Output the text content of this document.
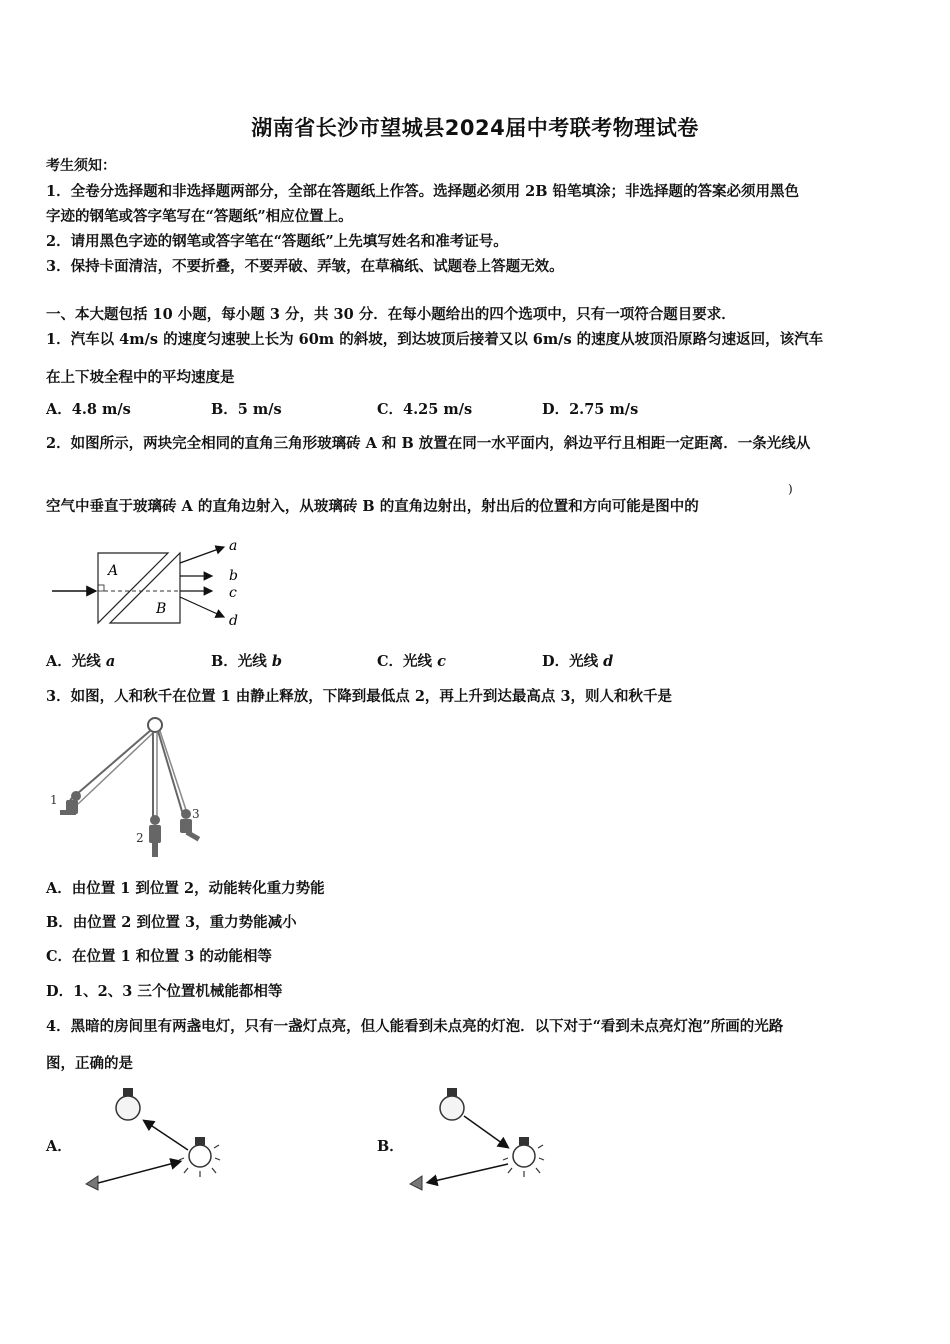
湖南省长沙市望城县2024届中考联考物理试卷
考生须知：
1．全卷分选择题和非选择题两部分，全部在答题纸上作答。选择题必须用 2B 铅笔填涂；非选择题的答案必须用黑色
字迹的钢笔或答字笔写在“答题纸”相应位置上。
2．请用黑色字迹的钢笔或答字笔在“答题纸”上先填写姓名和准考证号。
3．保持卡面清洁，不要折叠，不要弄破、弄皱，在草稿纸、试题卷上答题无效。
一、本大题包括 10 小题，每小题 3 分，共 30 分．在每小题给出的四个选项中，只有一项符合题目要求．
1．汽车以 4m/s 的速度匀速驶上长为 60m 的斜坡，到达坡顶后接着又以 6m/s 的速度从坡顶沿原路匀速返回，该汽车
在上下坡全程中的平均速度是
A．4.8 m/s	B．5 m/s	C．4.25 m/s	D．2.75 m/s
2．如图所示，两块完全相同的直角三角形玻璃砖 A 和 B 放置在同一水平面内，斜边平行且相距一定距离．一条光线从
空气中垂直于玻璃砖 A 的直角边射入，从玻璃砖 B 的直角边射出，射出后的位置和方向可能是图中的
)
A
B
a
b
c
d
A．光线 a	B．光线 b	C．光线 c	D．光线 d
3．如图，人和秋千在位置 1 由静止释放，下降到最低点 2，再上升到达最高点 3，则人和秋千是
1
2
3
A．由位置 1 到位置 2，动能转化重力势能
B．由位置 2 到位置 3，重力势能减小
C．在位置 1 和位置 3 的动能相等
D．1、2、3 三个位置机械能都相等
4．黑暗的房间里有两盏电灯，只有一盏灯点亮，但人能看到未点亮的灯泡．以下对于“看到未点亮灯泡”所画的光路
图，正确的是
A．	B．
